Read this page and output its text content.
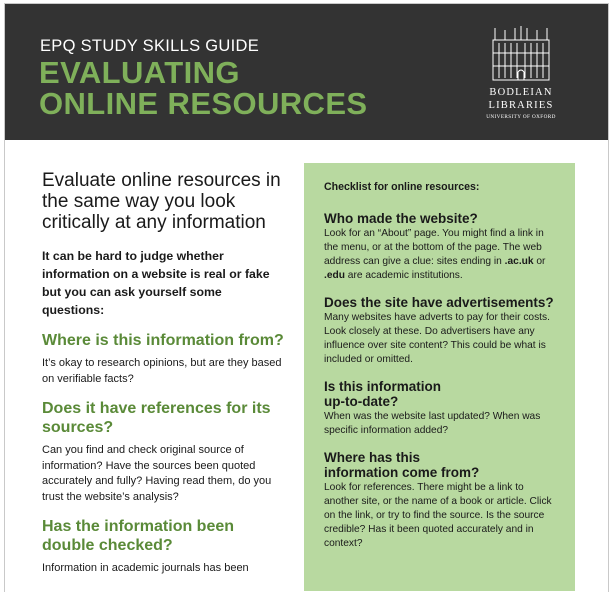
EPQ STUDY SKILLS GUIDE
EVALUATING
ONLINE RESOURCES	BODLEIAN
LIBRARIES
UNIVERSITY OF OXFORD

Evaluate online resources in the same way you look critically at any information

It can be hard to judge whether information on a website is real or fake but you can ask yourself some questions:

Where is this information from?

It’s okay to research opinions, but are they based on verifiable facts?

Does it have references for its sources?

Can you find and check original source of information? Have the sources been quoted accurately and fully? Having read them, do you trust the website’s analysis?

Has the information been double checked?

Information in academic journals has been

Checklist for online resources:
Who made the website?

Look for an “About” page. You might find a link in the menu, or at the bottom of the page. The web address can give a clue: sites ending in .ac.uk or .edu are academic institutions.

Does the site have advertisements?

Many websites have adverts to pay for their costs. Look closely at these. Do advertisers have any influence over site content? This could be what is included or omitted.

Is this information
up-to-date?

When was the website last updated? When was specific information added?

Where has this
information come from?

Look for references. There might be a link to another site, or the name of a book or article. Click on the link, or try to find the source. Is the source credible? Has it been quoted accurately and in context?
